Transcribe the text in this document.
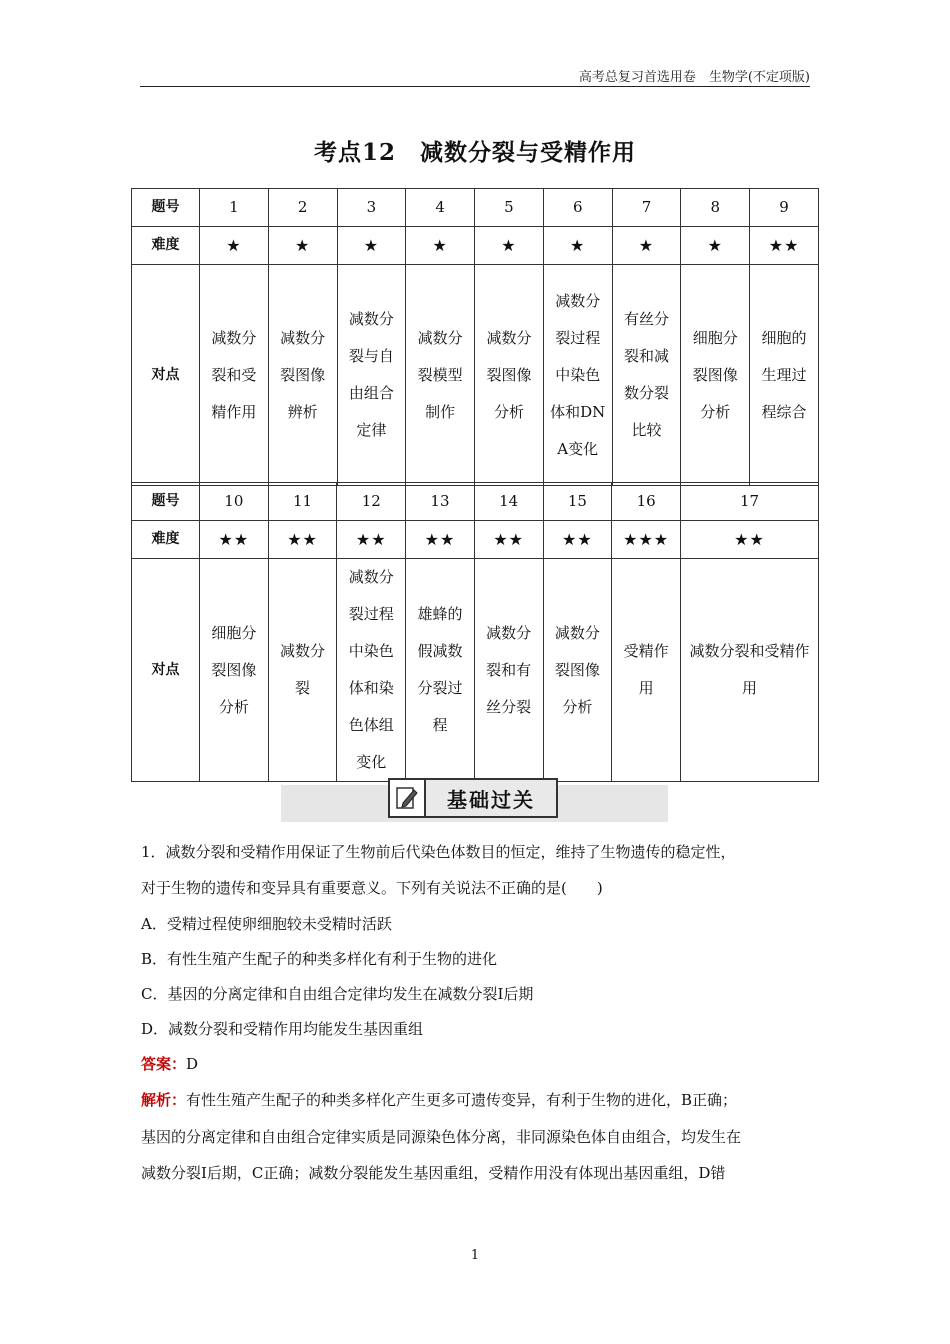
高考总复习首选用卷　生物学(不定项版)
考点12　减数分裂与受精作用
题号	1	2	3	4	5	6	7	8	9
难度	★	★	★	★	★	★	★	★	★★
对点	减数分裂和受精作用	减数分裂图像辨析	减数分裂与自由组合定律	减数分裂模型制作	减数分裂图像分析	减数分裂过程中染色体和DNA变化	有丝分裂和减数分裂比较	细胞分裂图像分析	细胞的生理过程综合
题号	10	11	12	13	14	15	16	17
难度	★★	★★	★★	★★	★★	★★	★★★	★★
对点	细胞分裂图像分析	减数分裂	减数分裂过程中染色体和染色体组变化	雄蜂的假减数分裂过程	减数分裂和有丝分裂	减数分裂图像分析	受精作用	减数分裂和受精作用
基础过关
1．减数分裂和受精作用保证了生物前后代染色体数目的恒定，维持了生物遗传的稳定性，
对于生物的遗传和变异具有重要意义。下列有关说法不正确的是(　　)
A．受精过程使卵细胞较未受精时活跃
B．有性生殖产生配子的种类多样化有利于生物的进化
C．基因的分离定律和自由组合定律均发生在减数分裂Ⅰ后期
D．减数分裂和受精作用均能发生基因重组
答案：D
解析：有性生殖产生配子的种类多样化产生更多可遗传变异，有利于生物的进化，B正确；
基因的分离定律和自由组合定律实质是同源染色体分离，非同源染色体自由组合，均发生在
减数分裂Ⅰ后期，C正确；减数分裂能发生基因重组，受精作用没有体现出基因重组，D错
1
